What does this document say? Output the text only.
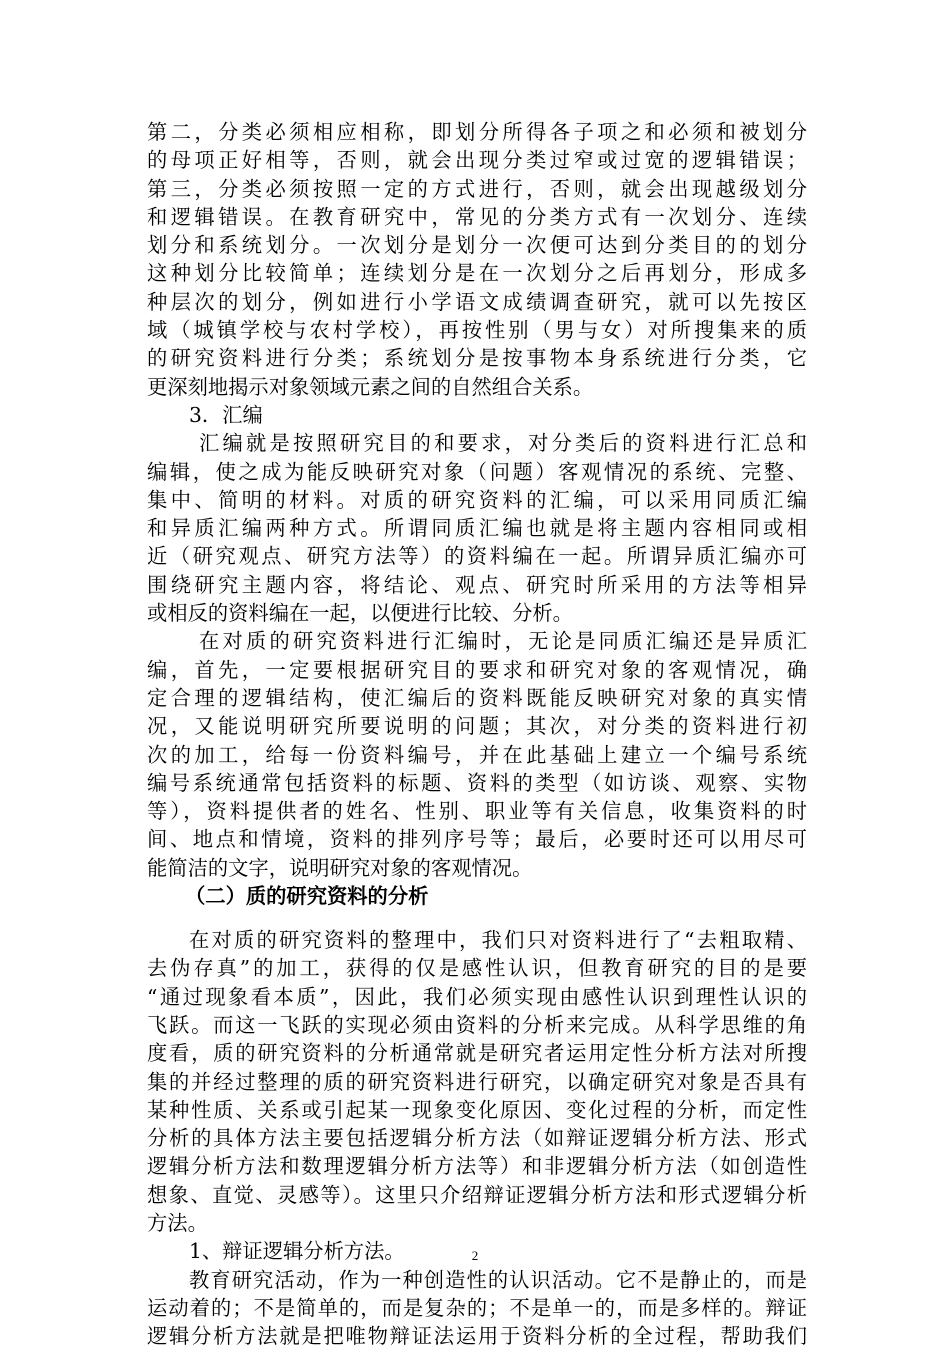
第二，分类必须相应相称，即划分所得各子项之和必须和被划分
的母项正好相等，否则，就会出现分类过窄或过宽的逻辑错误；
第三，分类必须按照一定的方式进行，否则，就会出现越级划分
和逻辑错误。在教育研究中，常见的分类方式有一次划分、连续
划分和系统划分。一次划分是划分一次便可达到分类目的的划分
这种划分比较简单；连续划分是在一次划分之后再划分，形成多
种层次的划分，例如进行小学语文成绩调查研究，就可以先按区
域（城镇学校与农村学校），再按性别（男与女）对所搜集来的质
的研究资料进行分类；系统划分是按事物本身系统进行分类，它
更深刻地揭示对象领域元素之间的自然组合关系。
3．汇编
汇编就是按照研究目的和要求，对分类后的资料进行汇总和
编辑，使之成为能反映研究对象（问题）客观情况的系统、完整、
集中、简明的材料。对质的研究资料的汇编，可以采用同质汇编
和异质汇编两种方式。所谓同质汇编也就是将主题内容相同或相
近（研究观点、研究方法等）的资料编在一起。所谓异质汇编亦可
围绕研究主题内容，将结论、观点、研究时所采用的方法等相异
或相反的资料编在一起，以便进行比较、分析。
在对质的研究资料进行汇编时，无论是同质汇编还是异质汇
编，首先，一定要根据研究目的要求和研究对象的客观情况，确
定合理的逻辑结构，使汇编后的资料既能反映研究对象的真实情
况，又能说明研究所要说明的问题；其次，对分类的资料进行初
次的加工，给每一份资料编号，并在此基础上建立一个编号系统
编号系统通常包括资料的标题、资料的类型（如访谈、观察、实物
等），资料提供者的姓名、性别、职业等有关信息，收集资料的时
间、地点和情境，资料的排列序号等；最后，必要时还可以用尽可
能简洁的文字，说明研究对象的客观情况。
（二）质的研究资料的分析
在对质的研究资料的整理中，我们只对资料进行了“去粗取精、
去伪存真”的加工，获得的仅是感性认识，但教育研究的目的是要
“通过现象看本质”，因此，我们必须实现由感性认识到理性认识的
飞跃。而这一飞跃的实现必须由资料的分析来完成。从科学思维的角
度看，质的研究资料的分析通常就是研究者运用定性分析方法对所搜
集的并经过整理的质的研究资料进行研究，以确定研究对象是否具有
某种性质、关系或引起某一现象变化原因、变化过程的分析，而定性
分析的具体方法主要包括逻辑分析方法（如辩证逻辑分析方法、形式
逻辑分析方法和数理逻辑分析方法等）和非逻辑分析方法（如创造性
想象、直觉、灵感等）。这里只介绍辩证逻辑分析方法和形式逻辑分析
方法。
1、辩证逻辑分析方法。
教育研究活动，作为一种创造性的认识活动。它不是静止的，而是
运动着的；不是简单的，而是复杂的；不是单一的，而是多样的。辩证
逻辑分析方法就是把唯物辩证法运用于资料分析的全过程，帮助我们
2
